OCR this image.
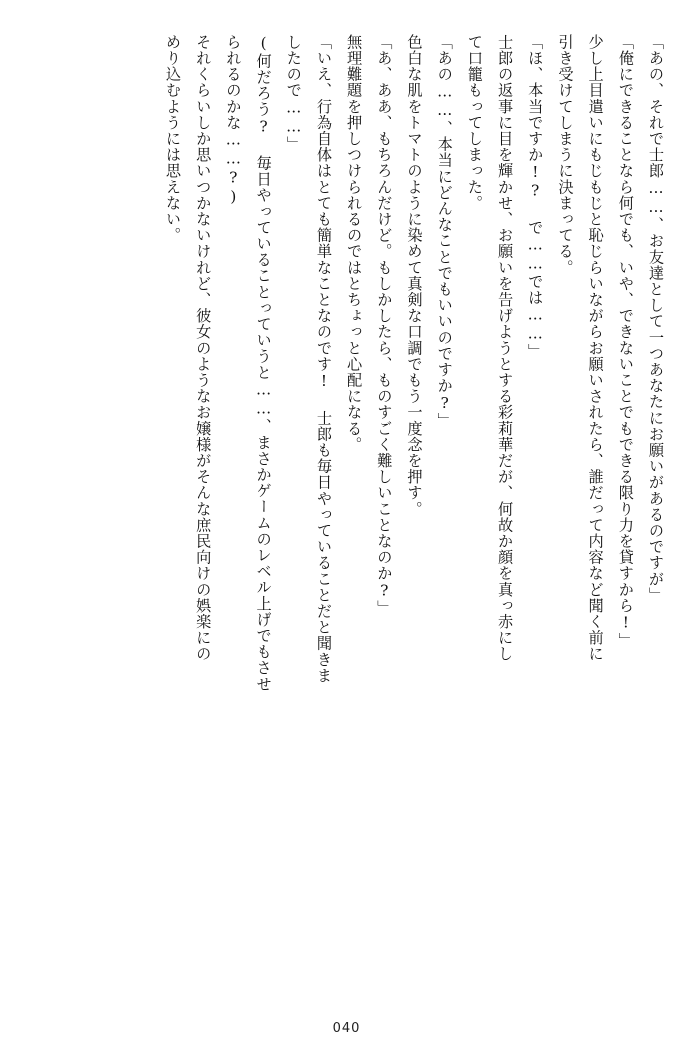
「あの、それで士郎……、お友達として一つあなたにお願いがあるのですが」
「俺にできることなら何でも、いや、できないことでもできる限り力を貸すから!」
少し上目遣いにもじもじと恥じらいながらお願いされたら、誰だって内容など聞く前に
引き受けてしまうに決まってる。
「ほ、本当ですか!? で……では……」
士郎の返事に目を輝かせ、お願いを告げようとする彩莉華だが、何故か顔を真っ赤にし
て口籠もってしまった。
「あの……、本当にどんなことでもいいのですか?」
色白な肌をトマトのように染めて真剣な口調でもう一度念を押す。
「あ、ああ、もちろんだけど。もしかしたら、ものすごく難しいことなのか?」
無理難題を押しつけられるのではとちょっと心配になる。
「いえ、行為自体はとても簡単なことなのです! 士郎も毎日やっていることだと聞きま
したので……」
(何だろう? 毎日やっていることっていうと……、まさかゲームのレベル上げでもさせ
られるのかな……?)
それくらいしか思いつかないけれど、彼女のようなお嬢様がそんな庶民向けの娯楽にの
めり込むようには思えない。
040
